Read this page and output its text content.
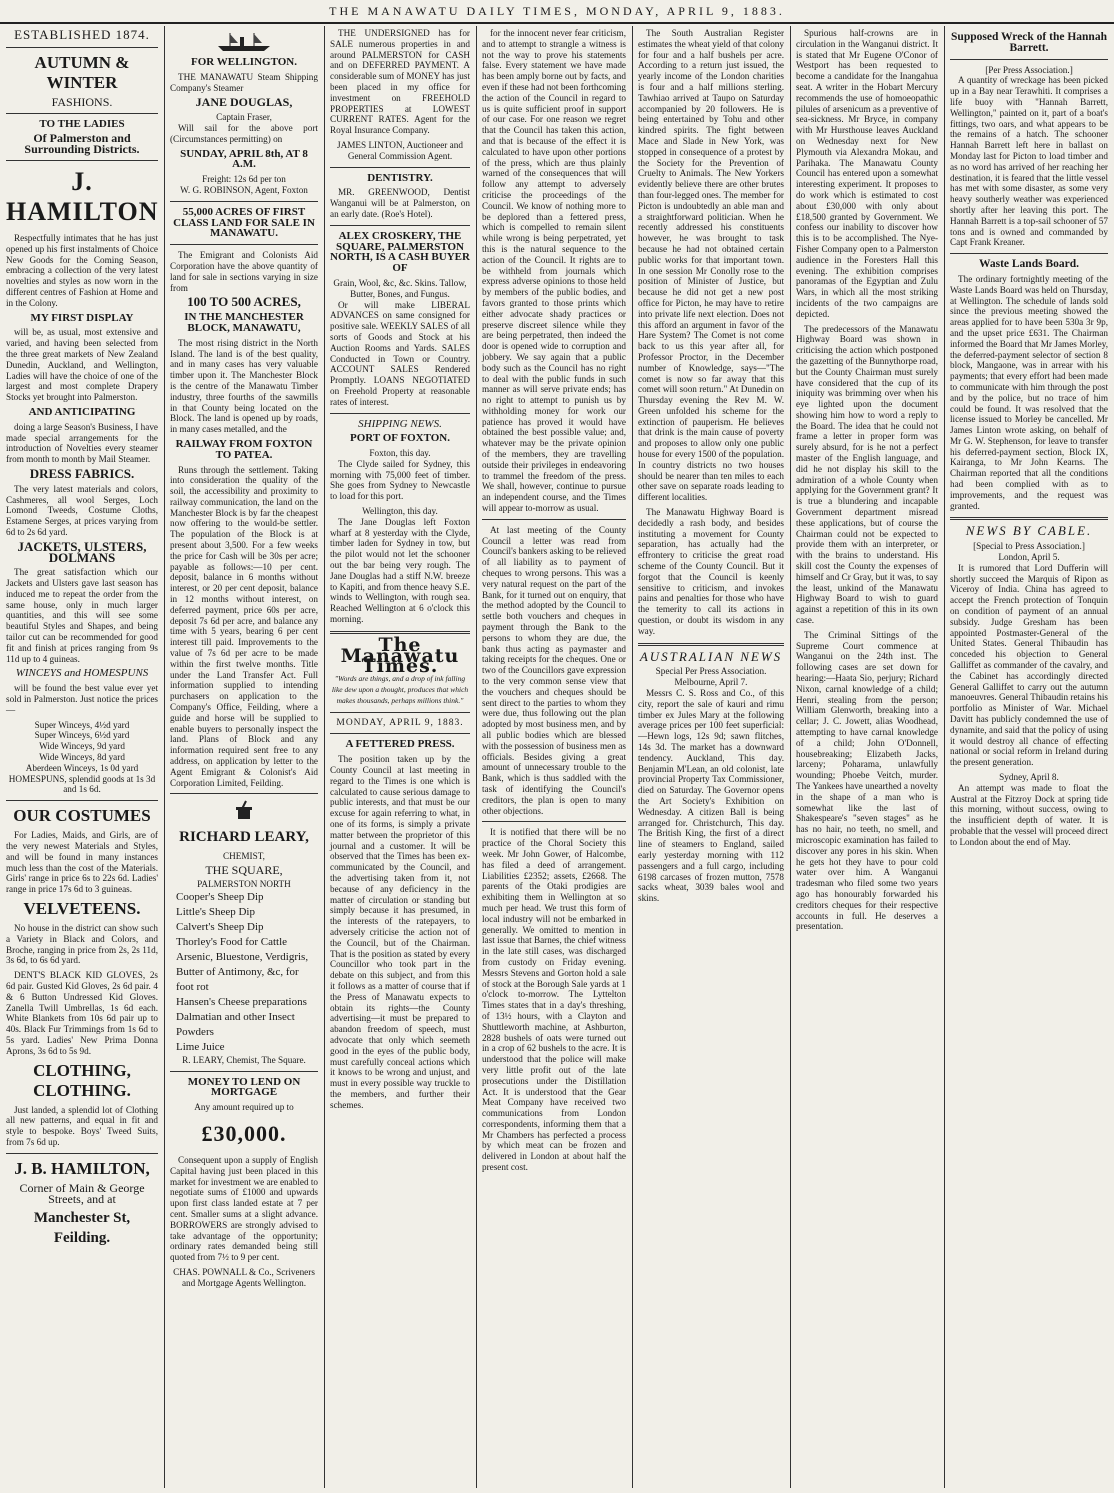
THE MANAWATU DAILY TIMES, MONDAY, APRIL 9, 1883.
ESTABLISHED 1874.
AUTUMN & WINTER
FASHIONS.
TO THE LADIES
Of Palmerston and Surrounding Districts.
J. HAMILTON

Respectfully intimates that he has just opened up his first instalments of Choice New Goods for the Coming Season, embracing a collection of the very latest novelties and styles as now worn in the different centres of Fashion at Home and in the Colony.

MY FIRST DISPLAY

will be, as usual, most extensive and varied, and having been selected from the three great markets of New Zealand Dunedin, Auckland, and Wellington, Ladies will have the choice of one of the largest and most complete Drapery Stocks yet brought into Palmerston.

AND ANTICIPATING

doing a large Season's Business, I have made special arrangements for the introduction of Novelties every steamer from month to month by Mail Steamer.

DRESS FABRICS.

The very latest materials and colors, Cashmeres, all wool Serges, Loch Lomond Tweeds, Costume Cloths, Estamene Serges, at prices varying from 6d to 2s 6d yard.

JACKETS, ULSTERS, DOLMANS

The great satisfaction which our Jackets and Ulsters gave last season has induced me to repeat the order from the same house, only in much larger quantities, and this will see some beautiful Styles and Shapes, and being tailor cut can be recommended for good fit and finish at prices ranging from 9s 11d up to 4 guineas.

WINCEYS and HOMESPUNS

will be found the best value ever yet sold in Palmerston. Just notice the prices—

Super Winceys, 4½d yard
Super Winceys, 6½d yard
Wide Winceys, 9d yard
Wide Winceys, 8d yard
Aberdeen Winceys, 1s 0d yard
HOMESPUNS, splendid goods at 1s 3d and 1s 6d.
OUR COSTUMES

For Ladies, Maids, and Girls, are of the very newest Materials and Styles, and will be found in many instances much less than the cost of the Materials. Girls' range in price 6s to 22s 6d. Ladies' range in price 17s 6d to 3 guineas.

VELVETEENS.

No house in the district can show such a Variety in Black and Colors, and Broche, ranging in price from 2s, 2s 11d, 3s 6d, to 6s 6d yard.

DENT'S BLACK KID GLOVES, 2s 6d pair. Gusted Kid Gloves, 2s 6d pair. 4 & 6 Button Undressed Kid Gloves. Zanella Twill Umbrellas, 1s 6d each. White Blankets from 10s 6d pair up to 40s. Black Fur Trimmings from 1s 6d to 5s yard. Ladies' New Prima Donna Aprons, 3s 6d to 5s 9d.

CLOTHING, CLOTHING.

Just landed, a splendid lot of Clothing all new patterns, and equal in fit and style to bespoke. Boys' Tweed Suits, from 7s 6d up.

J. B. HAMILTON,
Corner of Main & George Streets, and at
Manchester St, Feilding.
FOR WELLINGTON.

THE MANAWATU Steam Shipping Company's Steamer

JANE DOUGLAS,
Captain Fraser,

Will sail for the above port (Circumstances permitting) on

SUNDAY, APRIL 8th, AT 8 A.M.
Freight: 12s 6d per ton
W. G. ROBINSON, Agent, Foxton
55,000 ACRES OF FIRST CLASS LAND FOR SALE IN MANAWATU.

The Emigrant and Colonists Aid Corporation have the above quantity of land for sale in sections varying in size from

100 TO 500 ACRES,
IN THE MANCHESTER BLOCK, MANAWATU,

The most rising district in the North Island. The land is of the best quality, and in many cases has very valuable timber upon it. The Manchester Block is the centre of the Manawatu Timber industry, three fourths of the sawmills in that County being located on the Block. The land is opened up by roads, in many cases metalled, and the

RAILWAY FROM FOXTON TO PATEA.

Runs through the settlement. Taking into consideration the quality of the soil, the accessibility and proximity to railway communication, the land on the Manchester Block is by far the cheapest now offering to the would-be settler. The population of the Block is at present about 3,500. For a few weeks the price for Cash will be 30s per acre; payable as follows:—10 per cent. deposit, balance in 6 months without interest, or 20 per cent deposit, balance in 12 months without interest, on deferred payment, price 60s per acre, deposit 7s 6d per acre, and balance any time with 5 years, bearing 6 per cent interest till paid. Improvements to the value of 7s 6d per acre to be made within the first twelve months. Title under the Land Transfer Act. Full information supplied to intending purchasers on application to the Company's Office, Feilding, where a guide and horse will be supplied to enable buyers to personally inspect the land. Plans of Block and any information required sent free to any address, on application by letter to the Agent Emigrant & Colonist's Aid Corporation Limited, Feilding.

RICHARD LEARY,
CHEMIST,
THE SQUARE,
PALMERSTON NORTH
Cooper's Sheep Dip
Little's Sheep Dip
Calvert's Sheep Dip
Thorley's Food for Cattle
Arsenic, Bluestone, Verdigris, Butter of Antimony, &c, for foot rot
Hansen's Cheese preparations
Dalmatian and other Insect Powders
Lime Juice
R. LEARY, Chemist, The Square.
MONEY TO LEND ON MORTGAGE
Any amount required up to
£30,000.

Consequent upon a supply of English Capital having just been placed in this market for investment we are enabled to negotiate sums of £1000 and upwards upon first class landed estate at 7 per cent. Smaller sums at a slight advance. BORROWERS are strongly advised to take advantage of the opportunity; ordinary rates demanded being still quoted from 7½ to 9 per cent.

CHAS. POWNALL & Co., Scriveners and Mortgage Agents Wellington.

THE UNDERSIGNED has for SALE numerous properties in and around PALMERSTON for CASH and on DEFERRED PAYMENT. A considerable sum of MONEY has just been placed in my office for investment on FREEHOLD PROPERTIES at LOWEST CURRENT RATES. Agent for the Royal Insurance Company.

JAMES LINTON, Auctioneer and General Commission Agent.
DENTISTRY.

MR. GREENWOOD, Dentist Wanganui will be at Palmerston, on an early date. (Roe's Hotel).

ALEX CROSKERY, THE SQUARE, PALMERSTON NORTH, IS A CASH BUYER OF
Grain, Wool, &c, &c. Skins. Tallow, Butter, Bones, and Fungus.

Or will make LIBERAL ADVANCES on same consigned for positive sale. WEEKLY SALES of all sorts of Goods and Stock at his Auction Rooms and Yards. SALES Conducted in Town or Country. ACCOUNT SALES Rendered Promptly. LOANS NEGOTIATED on Freehold Property at reasonable rates of interest.

SHIPPING NEWS.
PORT OF FOXTON.
Foxton, this day.

The Clyde sailed for Sydney, this morning with 75,000 feet of timber. She goes from Sydney to Newcastle to load for this port.

Wellington, this day.

The Jane Douglas left Foxton wharf at 8 yesterday with the Clyde, timber laden for Sydney in tow, but the pilot would not let the schooner out the bar being very rough. The Jane Douglas had a stiff N.W. breeze to Kapiti, and from thence heavy S.E. winds to Wellington, with rough sea. Reached Wellington at 6 o'clock this morning.

The Manawatu Times.
"Words are things, and a drop of ink falling like dew upon a thought, produces that which makes thousands, perhaps millions think."
MONDAY, APRIL 9, 1883.
A FETTERED PRESS.

The position taken up by the County Council at last meeting in regard to the Times is one which is calculated to cause serious damage to public interests, and that must be our excuse for again referring to what, in one of its forms, is simply a private matter between the proprietor of this journal and a customer. It will be observed that the Times has been ex-communicated by the Council, and the advertising taken from it, not because of any deficiency in the matter of circulation or standing but simply because it has presumed, in the interests of the ratepayers, to adversely criticise the action not of the Council, but of the Chairman. That is the position as stated by every Councillor who took part in the debate on this subject, and from this it follows as a matter of course that if the Press of Manawatu expects to obtain its rights—the County advertising—it must be prepared to abandon freedom of speech, must advocate that only which seemeth good in the eyes of the public body, must carefully conceal actions which it knows to be wrong and unjust, and must in every possible way truckle to the members, and further their schemes.

for the innocent never fear criticism, and to attempt to strangle a witness is not the way to prove his statements false. Every statement we have made has been amply borne out by facts, and even if these had not been forthcoming the action of the Council in regard to us is quite sufficient proof in support of our case. For one reason we regret that the Council has taken this action, and that is because of the effect it is calculated to have upon other portions of the press, which are thus plainly warned of the consequences that will follow any attempt to adversely criticise the proceedings of the Council. We know of nothing more to be deplored than a fettered press, which is compelled to remain silent while wrong is being perpetrated, yet this is the natural sequence to the action of the Council. It rights are to be withheld from journals which express adverse opinions to those held by members of the public bodies, and favors granted to those prints which either advocate shady practices or preserve discreet silence while they are being perpetrated, then indeed the door is opened wide to corruption and jobbery. We say again that a public body such as the Council has no right to deal with the public funds in such manner as will serve private ends; has no right to attempt to punish us by withholding money for work our patience has proved it would have obtained the best possible value; and, whatever may be the private opinion of the members, they are travelling outside their privileges in endeavoring to trammel the freedom of the press. We shall, however, continue to pursue an independent course, and the Times will appear to-morrow as usual.

At last meeting of the County Council a letter was read from Council's bankers asking to be relieved of all liability as to payment of cheques to wrong persons. This was a very natural request on the part of the Bank, for it turned out on enquiry, that the method adopted by the Council to settle both vouchers and cheques in payment through the Bank to the persons to whom they are due, the bank thus acting as paymaster and taking receipts for the cheques. One or two of the Councillors gave expression to the very common sense view that the vouchers and cheques should be sent direct to the parties to whom they were due, thus following out the plan adopted by most business men, and by all public bodies which are blessed with the possession of business men as officials. Besides giving a great amount of unnecessary trouble to the Bank, which is thus saddled with the task of identifying the Council's creditors, the plan is open to many other objections.

It is notified that there will be no practice of the Choral Society this week. Mr John Gower, of Halcombe, has filed a deed of arrangement. Liabilities £2352; assets, £2668. The parents of the Otaki prodigies are exhibiting them in Wellington at so much per head. We trust this form of local industry will not be embarked in generally. We omitted to mention in last issue that Barnes, the chief witness in the late still cases, was discharged from custody on Friday evening. Messrs Stevens and Gorton hold a sale of stock at the Borough Sale yards at 1 o'clock to-morrow. The Lyttelton Times states that in a day's threshing, of 13½ hours, with a Clayton and Shuttleworth machine, at Ashburton, 2828 bushels of oats were turned out in a crop of 62 bushels to the acre. It is understood that the police will make very little profit out of the late prosecutions under the Distillation Act. It is understood that the Gear Meat Company have received two communications from London correspondents, informing them that a Mr Chambers has perfected a process by which meat can be frozen and delivered in London at about half the present cost.

The South Australian Register estimates the wheat yield of that colony for four and a half bushels per acre. According to a return just issued, the yearly income of the London charities is four and a half millions sterling. Tawhiao arrived at Taupo on Saturday accompanied by 20 followers. He is being entertained by Tohu and other kindred spirits. The fight between Mace and Slade in New York, was stopped in consequence of a protest by the Society for the Prevention of Cruelty to Animals. The New Yorkers evidently believe there are other brutes than four-legged ones. The member for Picton is undoubtedly an able man and a straightforward politician. When he recently addressed his constituents however, he was brought to task because he had not obtained certain public works for that important town. In one session Mr Conolly rose to the position of Minister of Justice, but because he did not get a new post office for Picton, he may have to retire into private life next election. Does not this afford an argument in favor of the Hare System? The Comet is not come back to us this year after all, for Professor Proctor, in the December number of Knowledge, says—"The comet is now so far away that this comet will soon return." At Dunedin on Thursday evening the Rev M. W. Green unfolded his scheme for the extinction of pauperism. He believes that drink is the main cause of poverty and proposes to allow only one public house for every 1500 of the population. In country districts no two houses should be nearer than ten miles to each other save on separate roads leading to different localities.

The Manawatu Highway Board is decidedly a rash body, and besides instituting a movement for County separation, has actually had the effrontery to criticise the great road scheme of the County Council. But it forgot that the Council is keenly sensitive to criticism, and invokes pains and penalties for those who have the temerity to call its actions in question, or doubt its wisdom in any way.

AUSTRALIAN NEWS
Special Per Press Association.
Melbourne, April 7.

Messrs C. S. Ross and Co., of this city, report the sale of kauri and rimu timber ex Jules Mary at the following average prices per 100 feet superficial:—Hewn logs, 12s 9d; sawn flitches, 14s 3d. The market has a downward tendency. Auckland, This day. Benjamin M'Lean, an old colonist, late provincial Property Tax Commissioner, died on Saturday. The Governor opens the Art Society's Exhibition on Wednesday. A citizen Ball is being arranged for. Christchurch, This day. The British King, the first of a direct line of steamers to England, sailed early yesterday morning with 112 passengers and a full cargo, including 6198 carcases of frozen mutton, 7578 sacks wheat, 3039 bales wool and skins.

Spurious half-crowns are in circulation in the Wanganui district. It is stated that Mr Eugene O'Conor of Westport has been requested to become a candidate for the Inangahua seat. A writer in the Hobart Mercury recommends the use of homoeopathic pilules of arsenicum as a preventive of sea-sickness. Mr Bryce, in company with Mr Hursthouse leaves Auckland on Wednesday next for New Plymouth via Alexandra Mokau, and Parihaka. The Manawatu County Council has entered upon a somewhat interesting experiment. It proposes to do work which is estimated to cost about £30,000 with only about £18,500 granted by Government. We confess our inability to discover how this is to be accomplished. The Nye-Fisher Company open to a Palmerston audience in the Foresters Hall this evening. The exhibition comprises panoramas of the Egyptian and Zulu Wars, in which all the most striking incidents of the two campaigns are depicted.

The predecessors of the Manawatu Highway Board was shown in criticising the action which postponed the gazetting of the Bunnythorpe road, but the County Chairman must surely have considered that the cup of its iniquity was brimming over when his eye lighted upon the document showing him how to word a reply to the Board. The idea that he could not frame a letter in proper form was surely absurd, for is he not a perfect master of the English language, and did he not display his skill to the admiration of a whole County when applying for the Government grant? It is true a blundering and incapable Government department misread these applications, but of course the Chairman could not be expected to provide them with an interpreter, or with the brains to understand. His skill cost the County the expenses of himself and Cr Gray, but it was, to say the least, unkind of the Manawatu Highway Board to wish to guard against a repetition of this in its own case.

The Criminal Sittings of the Supreme Court commence at Wanganui on the 24th inst. The following cases are set down for hearing:—Haata Sio, perjury; Richard Nixon, carnal knowledge of a child; Henri, stealing from the person; William Glenworth, breaking into a cellar; J. C. Jowett, alias Woodhead, attempting to have carnal knowledge of a child; John O'Donnell, housebreaking; Elizabeth Jacks, larceny; Poharama, unlawfully wounding; Phoebe Veitch, murder. The Yankees have unearthed a novelty in the shape of a man who is somewhat like the last of Shakespeare's "seven stages" as he has no hair, no teeth, no smell, and microscopic examination has failed to discover any pores in his skin. When he gets hot they have to pour cold water over him. A Wanganui tradesman who filed some two years ago has honourably forwarded his creditors cheques for their respective accounts in full. He deserves a presentation.

Supposed Wreck of the Hannah Barrett.
[Per Press Association.]

A quantity of wreckage has been picked up in a Bay near Terawhiti. It comprises a life buoy with "Hannah Barrett, Wellington," painted on it, part of a boat's fittings, two oars, and what appears to be the remains of a hatch. The schooner Hannah Barrett left here in ballast on Monday last for Picton to load timber and as no word has arrived of her reaching her destination, it is feared that the little vessel has met with some disaster, as some very heavy southerly weather was experienced shortly after her leaving this port. The Hannah Barrett is a top-sail schooner of 57 tons and is owned and commanded by Capt Frank Kreaner.

Waste Lands Board.

The ordinary fortnightly meeting of the Waste Lands Board was held on Thursday, at Wellington. The schedule of lands sold since the previous meeting showed the areas applied for to have been 530a 3r 9p, and the upset price £631. The Chairman informed the Board that Mr James Morley, the deferred-payment selector of section 8 block, Mangaone, was in arrear with his payments; that every effort had been made to communicate with him through the post and by the police, but no trace of him could be found. It was resolved that the license issued to Morley be cancelled. Mr James Linton wrote asking, on behalf of Mr G. W. Stephenson, for leave to transfer his deferred-payment section, Block IX, Kairanga, to Mr John Kearns. The Chairman reported that all the conditions had been complied with as to improvements, and the request was granted.

NEWS BY CABLE.
[Special to Press Association.]
London, April 5.

It is rumored that Lord Dufferin will shortly succeed the Marquis of Ripon as Viceroy of India. China has agreed to accept the French protection of Tonquin on condition of payment of an annual subsidy. Judge Gresham has been appointed Postmaster-General of the United States. General Thibaudin has conceded his objection to General Galliffet as commander of the cavalry, and the Cabinet has accordingly directed General Galliffet to carry out the autumn manoeuvres. General Thibaudin retains his portfolio as Minister of War. Michael Davitt has publicly condemned the use of dynamite, and said that the policy of using it would destroy all chance of effecting national or social reform in Ireland during the present generation.

Sydney, April 8.

An attempt was made to float the Austral at the Fitzroy Dock at spring tide this morning, without success, owing to the insufficient depth of water. It is probable that the vessel will proceed direct to London about the end of May.
